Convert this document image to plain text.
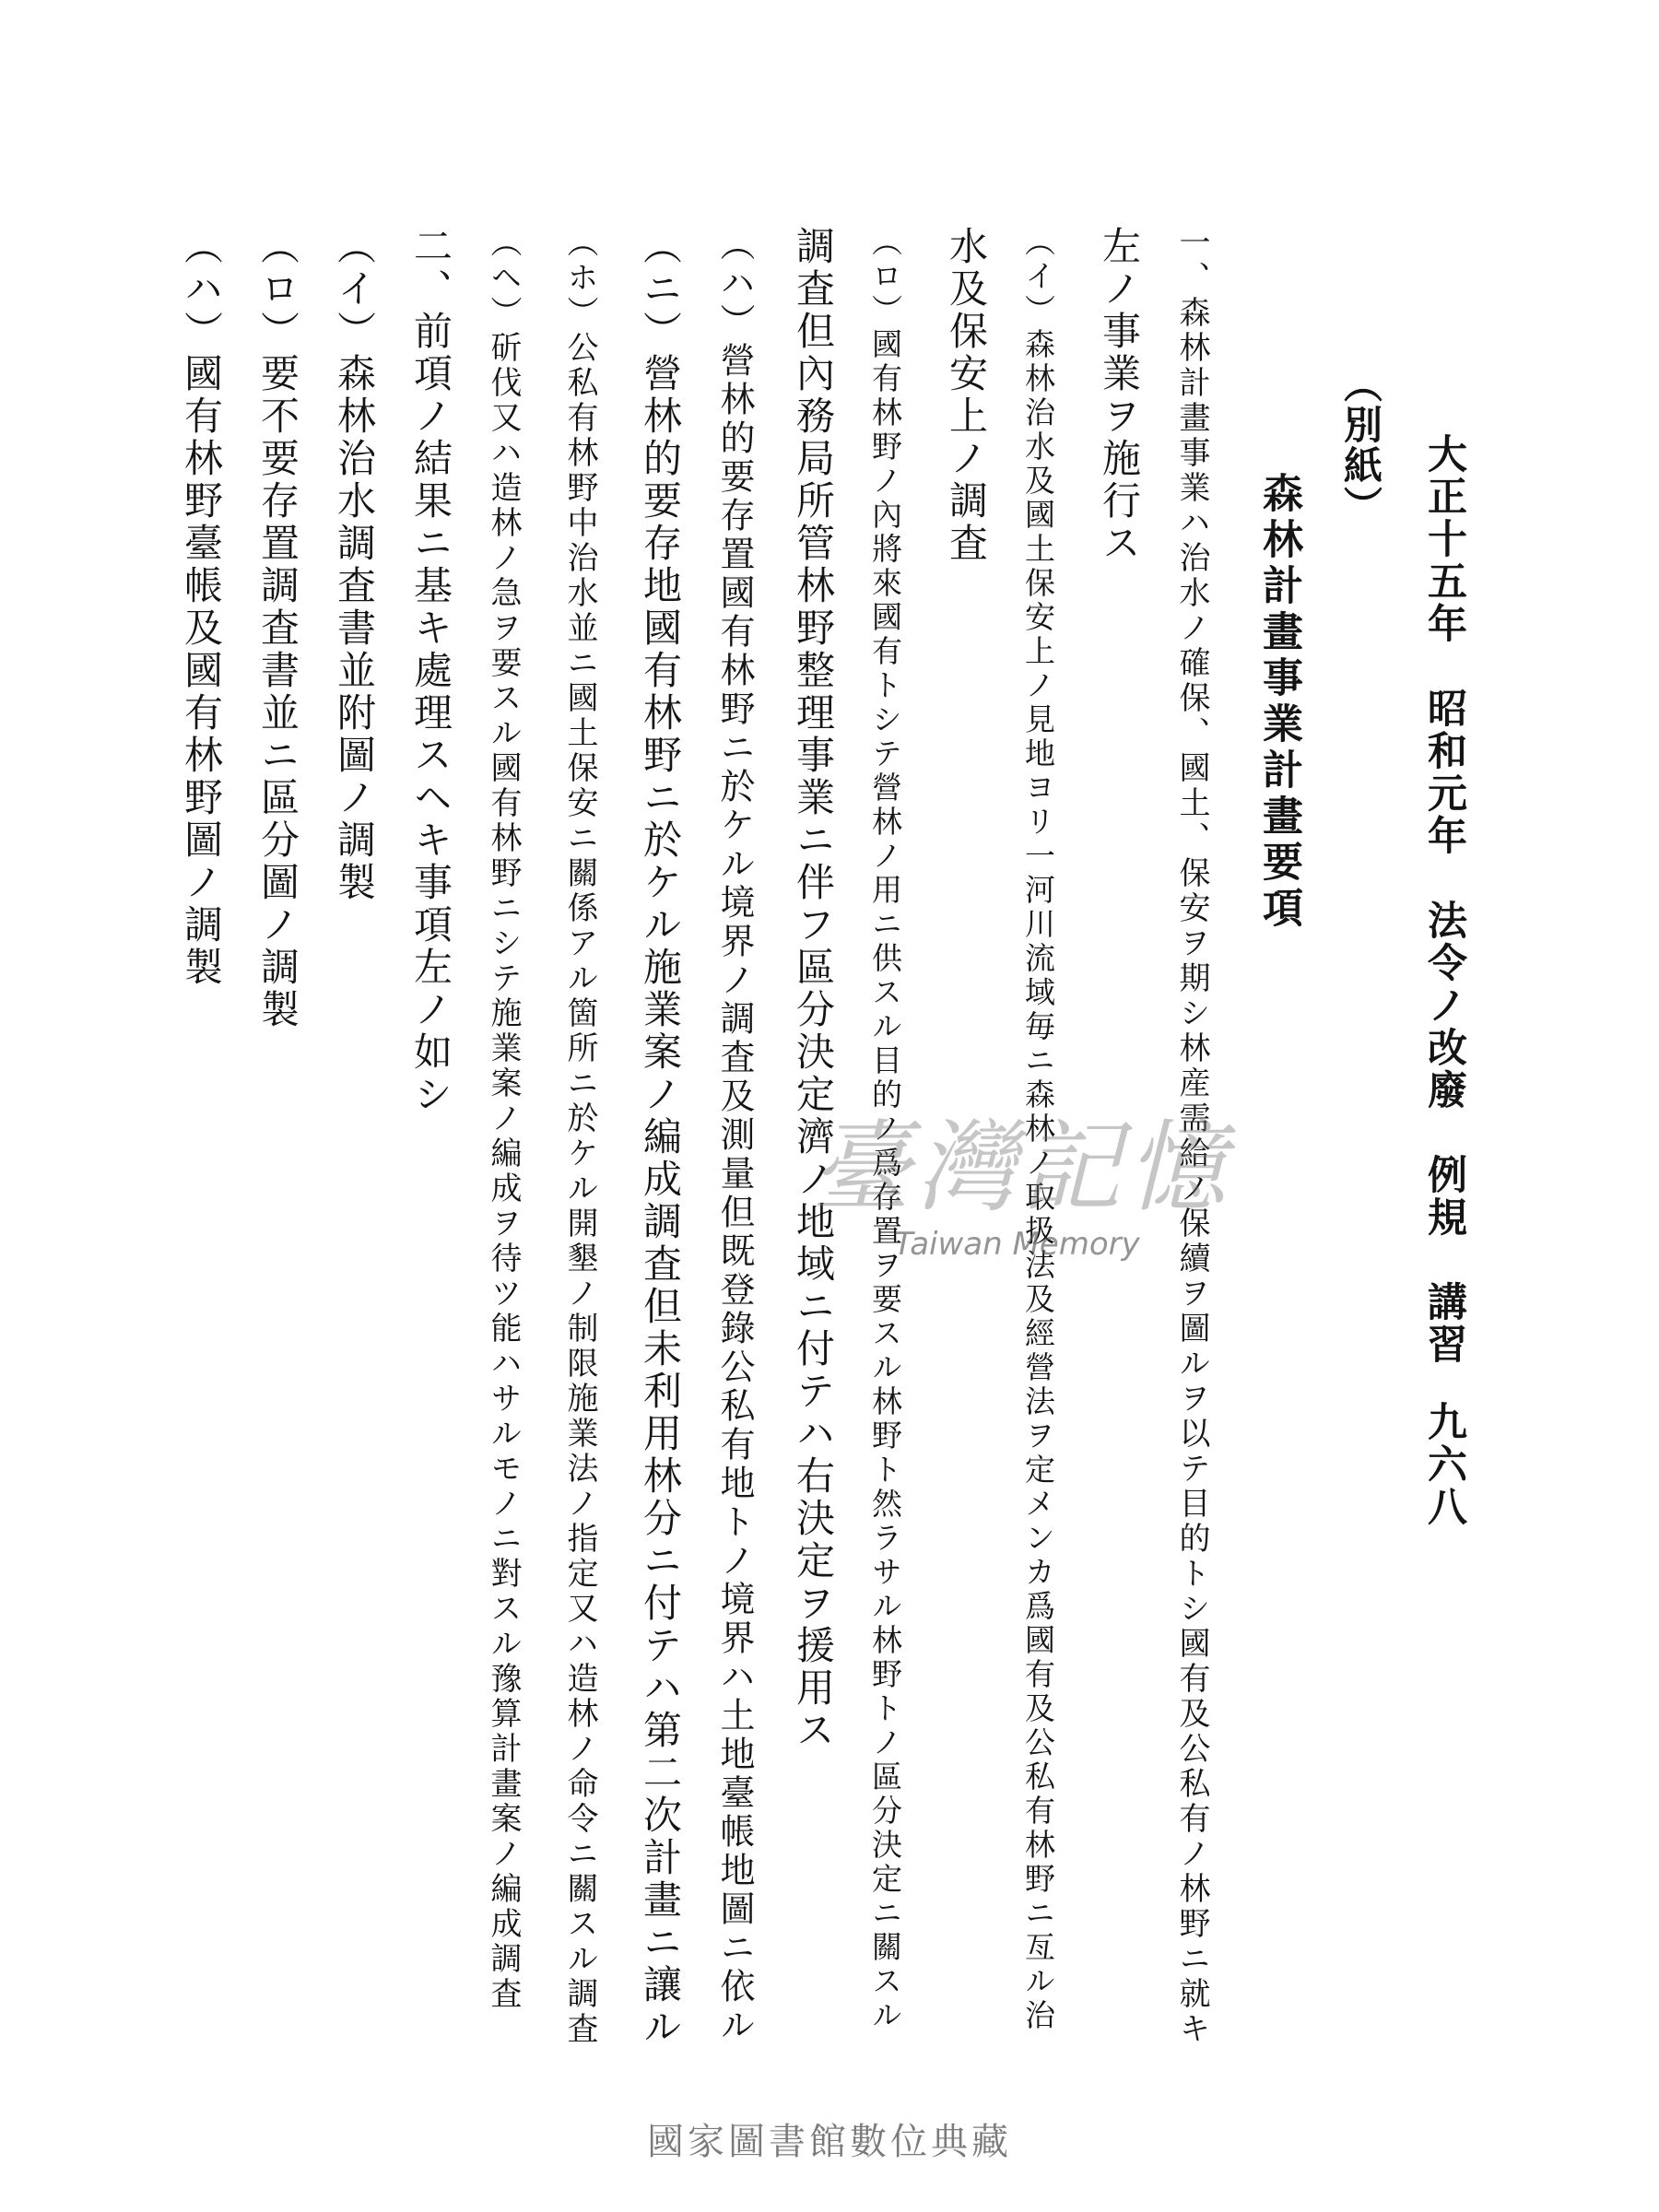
大正十五年　昭和元年　法令ノ改廢　例規　講習
九六八
（別紙）
森林計畫事業計畫要項
一、森林計畫事業ハ治水ノ確保、國土、保安ヲ期シ林産需給ノ保續ヲ圖ルヲ以テ目的トシ國有及公私有ノ林野ニ就キ
左ノ事業ヲ施行ス
（イ）森林治水及國土保安上ノ見地ヨリ一河川流域毎ニ森林ノ取扱法及經營法ヲ定メンカ爲國有及公私有林野ニ亙ル治
水及保安上ノ調査
（ロ）國有林野ノ內將來國有トシテ營林ノ用ニ供スル目的ノ爲存置ヲ要スル林野ト然ラサル林野トノ區分決定ニ關スル
調査但內務局所管林野整理事業ニ伴フ區分決定濟ノ地域ニ付テハ右決定ヲ援用ス
（ハ）營林的要存置國有林野ニ於ケル境界ノ調査及測量但既登錄公私有地トノ境界ハ土地臺帳地圖ニ依ル
（ニ）營林的要存地國有林野ニ於ケル施業案ノ編成調査但未利用林分ニ付テハ第二次計畫ニ讓ル
（ホ）公私有林野中治水並ニ國土保安ニ關係アル箇所ニ於ケル開墾ノ制限施業法ノ指定又ハ造林ノ命令ニ關スル調査
（ヘ）斫伐又ハ造林ノ急ヲ要スル國有林野ニシテ施業案ノ編成ヲ待ツ能ハサルモノニ對スル豫算計畫案ノ編成調査
二、前項ノ結果ニ基キ處理スヘキ事項左ノ如シ
（イ）森林治水調査書並附圖ノ調製
（ロ）要不要存置調査書並ニ區分圖ノ調製
（ハ）國有林野臺帳及國有林野圖ノ調製
臺灣記憶
Taiwan Memory
國家圖書館數位典藏
